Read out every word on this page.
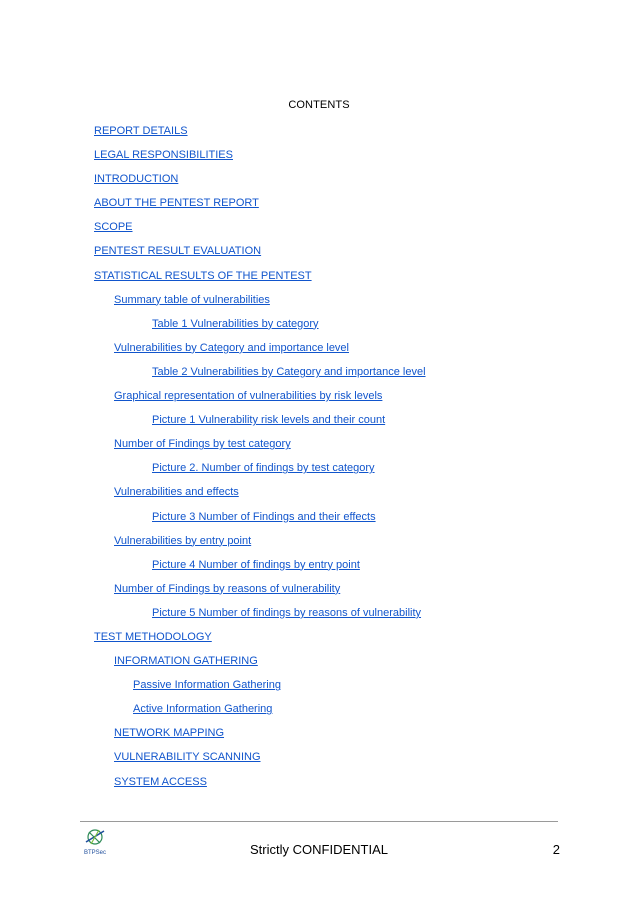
CONTENTS
REPORT DETAILS
LEGAL RESPONSIBILITIES
INTRODUCTION
ABOUT THE PENTEST REPORT
SCOPE
PENTEST RESULT EVALUATION
STATISTICAL RESULTS OF THE PENTEST
Summary table of vulnerabilities
Table 1 Vulnerabilities by category
Vulnerabilities by Category and importance level
Table 2 Vulnerabilities by Category and importance level
Graphical representation of vulnerabilities by risk levels
Picture 1 Vulnerability risk levels and their count
Number of Findings by test category
Picture 2. Number of findings by test category
Vulnerabilities and effects
Picture 3 Number of Findings and their effects
Vulnerabilities by entry point
Picture 4 Number of findings by entry point
Number of Findings by reasons of vulnerability
Picture 5 Number of findings by reasons of vulnerability
TEST METHODOLOGY
INFORMATION GATHERING
Passive Information Gathering
Active Information Gathering
NETWORK MAPPING
VULNERABILITY SCANNING
SYSTEM ACCESS
BTPSec	Strictly CONFIDENTIAL	2
